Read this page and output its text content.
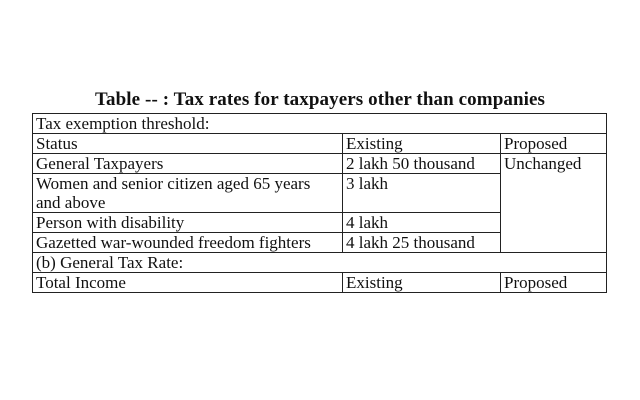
Table -- : Tax rates for taxpayers other than companies
Tax exemption threshold:		
Status	Existing	Proposed
General Taxpayers	2 lakh 50 thousand	Unchanged
Women and senior citizen aged 65 years and above	3 lakh	
Person with disability	4 lakh	
Gazetted war-wounded freedom fighters	4 lakh 25 thousand	
(b) General Tax Rate:		
Total Income	Existing	Proposed
